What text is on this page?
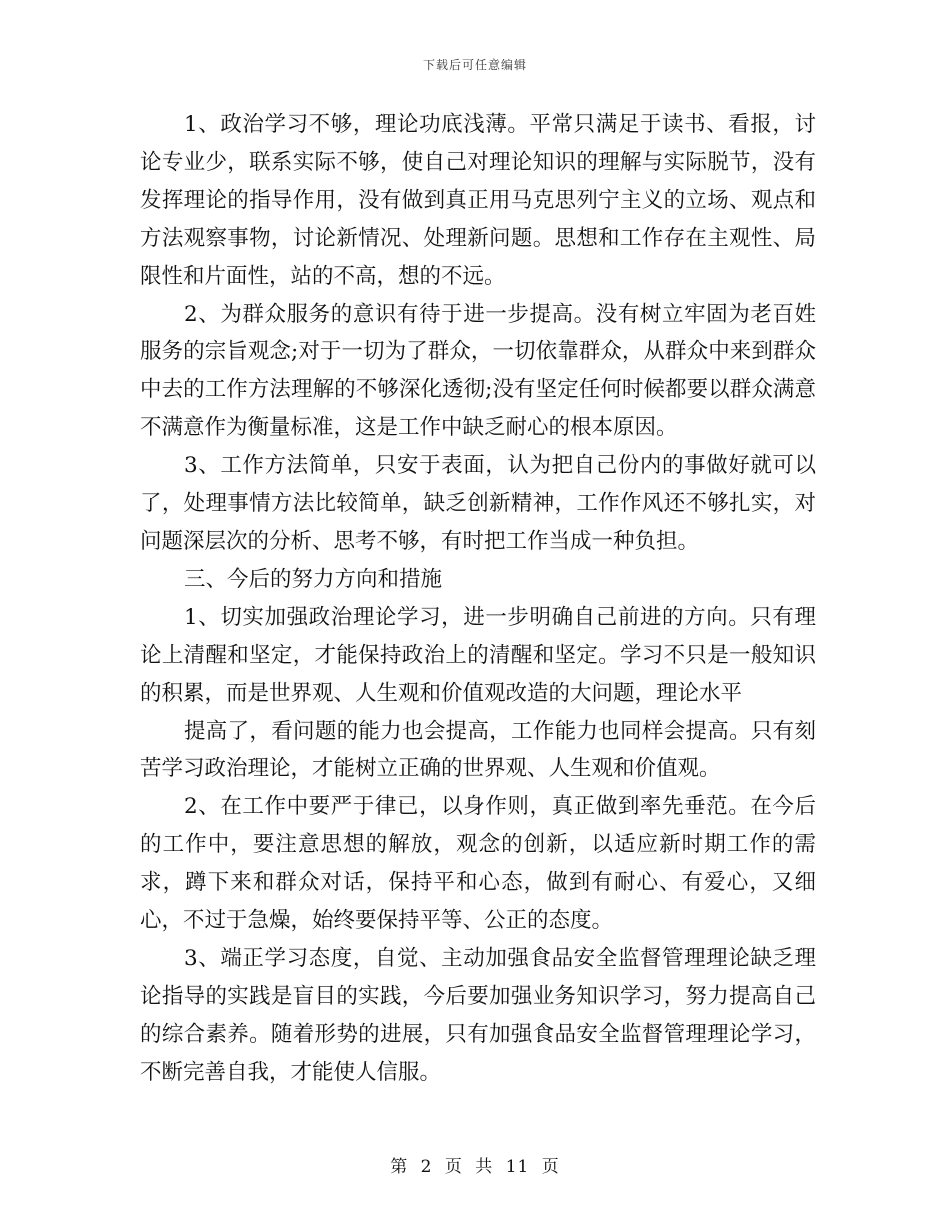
下载后可任意编辑

1、政治学习不够，理论功底浅薄。平常只满足于读书、看报，讨论专业少，联系实际不够，使自己对理论知识的理解与实际脱节，没有发挥理论的指导作用，没有做到真正用马克思列宁主义的立场、观点和方法观察事物，讨论新情况、处理新问题。思想和工作存在主观性、局限性和片面性，站的不高，想的不远。

2、为群众服务的意识有待于进一步提高。没有树立牢固为老百姓服务的宗旨观念;对于一切为了群众，一切依靠群众，从群众中来到群众中去的工作方法理解的不够深化透彻;没有坚定任何时候都要以群众满意不满意作为衡量标准，这是工作中缺乏耐心的根本原因。

3、工作方法简单，只安于表面，认为把自己份内的事做好就可以了，处理事情方法比较简单，缺乏创新精神，工作作风还不够扎实，对问题深层次的分析、思考不够，有时把工作当成一种负担。

三、今后的努力方向和措施

1、切实加强政治理论学习，进一步明确自己前进的方向。只有理论上清醒和坚定，才能保持政治上的清醒和坚定。学习不只是一般知识的积累，而是世界观、人生观和价值观改造的大问题，理论水平

提高了，看问题的能力也会提高，工作能力也同样会提高。只有刻苦学习政治理论，才能树立正确的世界观、人生观和价值观。

2、在工作中要严于律已，以身作则，真正做到率先垂范。在今后的工作中，要注意思想的解放，观念的创新，以适应新时期工作的需求，蹲下来和群众对话，保持平和心态，做到有耐心、有爱心，又细心，不过于急燥，始终要保持平等、公正的态度。

3、端正学习态度，自觉、主动加强食品安全监督管理理论缺乏理论指导的实践是盲目的实践，今后要加强业务知识学习，努力提高自己的综合素养。随着形势的进展，只有加强食品安全监督管理理论学习，不断完善自我，才能使人信服。

第 2 页 共 11 页
